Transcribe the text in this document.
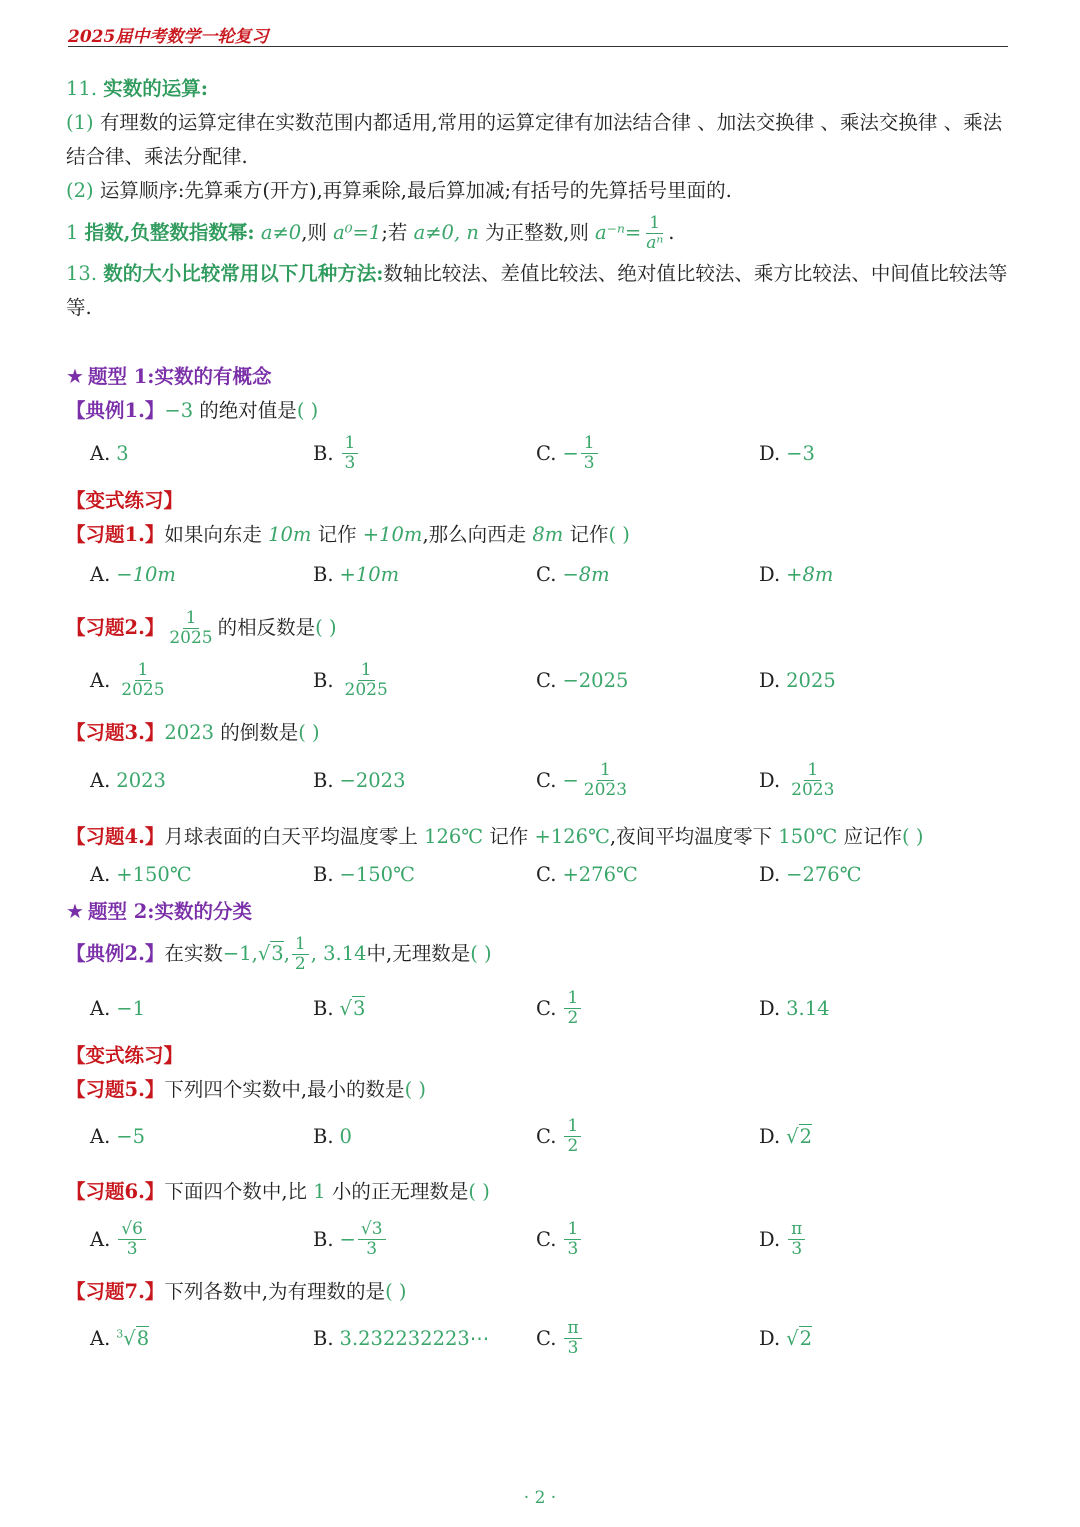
2025届中考数学一轮复习
11. 实数的运算:
(1) 有理数的运算定律在实数范围内都适用,常用的运算定律有加法结合律 、加法交换律 、乘法交换律 、乘法结合律、乘法分配律.
(2) 运算顺序:先算乘方(开方),再算乘除,最后算加减;有括号的先算括号里面的.
1 指数,负整数指数幂: a≠0,则 a⁰=1;若 a≠0, n 为正整数,则 $a^{-n}= \frac{1}{\text{aⁿ}}$ .
13. 数的大小比较常用以下几种方法:数轴比较法、差值比较法、绝对值比较法、乘方比较法、中间值比较法等等.
★ 题型 1:实数的有概念
【典例1.】−3 的绝对值是( )
A. 3	B. $\frac{1}{3}$	C. − $\frac{1}{3}$	D. −3
【变式练习】
【习题1.】如果向东走 10m 记作 +10m,那么向西走 8m 记作( )
A. −10m	B. +10m	C. −8m	D. +8m
【习题2.】 $\frac{1}{2025}$ 的相反数是 ( )
A. $\frac{1}{2025}$	B. $\frac{1}{2025}$	C. −2025	D. 2025
【习题3.】2023 的倒数是( )
A. 2023	B. −2023	C. − $\frac{1}{2023}$	D. $\frac{1}{2023}$
【习题4.】月球表面的白天平均温度零上 126℃ 记作 +126℃,夜间平均温度零下 150℃ 应记作( )
A. +150℃	B. −150℃	C. +276℃	D. −276℃
★ 题型 2:实数的分类
【典例2.】 在实数 −1 , √3 , $\frac{1}{2}$ , 3.14 中,无理数是 ( )
A. −1	B. √3	C. $\frac{1}{2}$	D. 3.14
【变式练习】
【习题5.】下列四个实数中,最小的数是( )
A. −5	B. 0	C. $\frac{1}{2}$	D. √2
【习题6.】下面四个数中,比 1 小的正无理数是( )
A. $\frac{√6}{3}$	B. − $\frac{√3}{3}$	C. $\frac{1}{3}$	D. $\frac{\pi}{3}$
【习题7.】下列各数中,为有理数的是( )
A. $^3$√8	B. 3.232232223⋯ C. $\frac{\pi}{3}$	D. √2
· 2 ·
